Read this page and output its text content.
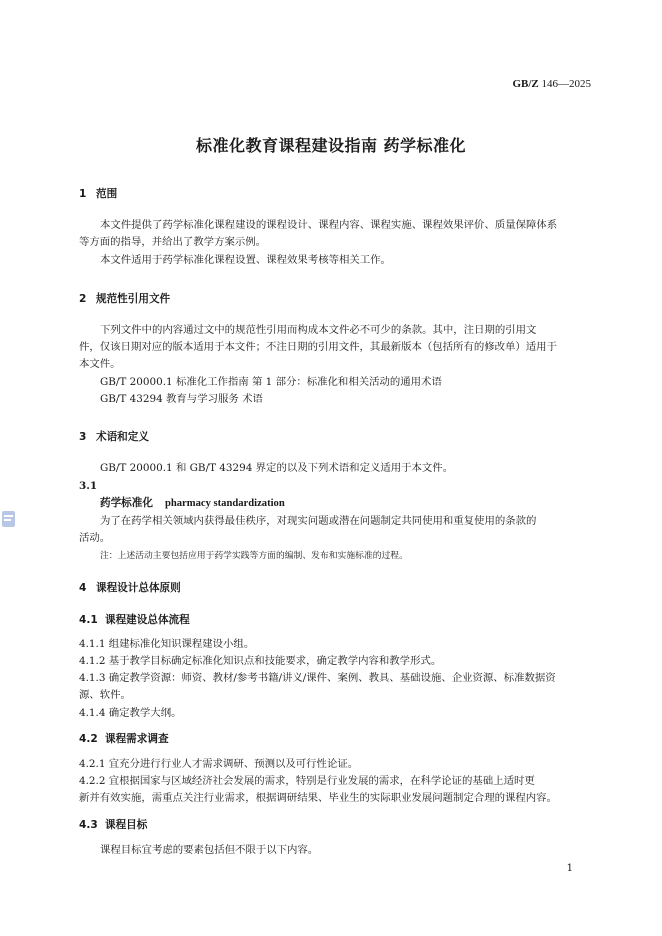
GB/Z 146—2025
标准化教育课程建设指南 药学标准化
1 范围
本文件提供了药学标准化课程建设的课程设计、课程内容、课程实施、课程效果评价、质量保障体系
等方面的指导，并给出了教学方案示例。
本文件适用于药学标准化课程设置、课程效果考核等相关工作。
2 规范性引用文件
下列文件中的内容通过文中的规范性引用而构成本文件必不可少的条款。其中，注日期的引用文
件，仅该日期对应的版本适用于本文件；不注日期的引用文件，其最新版本（包括所有的修改单）适用于
本文件。
GB/T 20000.1 标准化工作指南 第 1 部分：标准化和相关活动的通用术语
GB/T 43294 教育与学习服务 术语
3 术语和定义
GB/T 20000.1 和 GB/T 43294 界定的以及下列术语和定义适用于本文件。
3.1
药学标准化 pharmacy standardization
为了在药学相关领域内获得最佳秩序，对现实问题或潜在问题制定共同使用和重复使用的条款的
活动。
注：上述活动主要包括应用于药学实践等方面的编制、发布和实施标准的过程。
4 课程设计总体原则
4.1 课程建设总体流程
4.1.1 组建标准化知识课程建设小组。
4.1.2 基于教学目标确定标准化知识点和技能要求，确定教学内容和教学形式。
4.1.3 确定教学资源：师资、教材/参考书籍/讲义/课件、案例、教具、基础设施、企业资源、标准数据资
源、软件。
4.1.4 确定教学大纲。
4.2 课程需求调查
4.2.1 宜充分进行行业人才需求调研、预测以及可行性论证。
4.2.2 宜根据国家与区域经济社会发展的需求，特别是行业发展的需求，在科学论证的基础上适时更
新并有效实施，需重点关注行业需求，根据调研结果、毕业生的实际职业发展问题制定合理的课程内容。
4.3 课程目标
课程目标宜考虑的要素包括但不限于以下内容。
1
